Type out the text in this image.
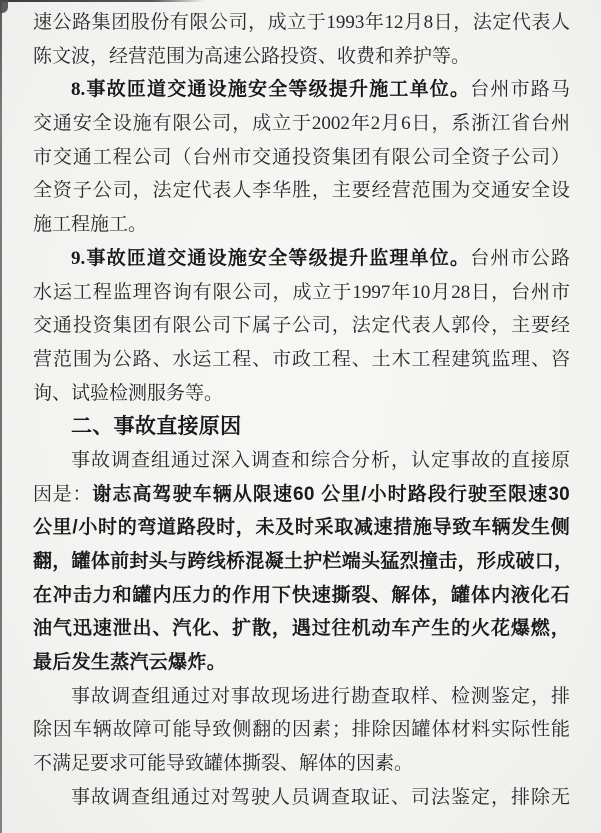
速公路集团股份有限公司，成立于1993年12月8日，法定代表人
陈文波，经营范围为高速公路投资、收费和养护等。
8.事故匝道交通设施安全等级提升施工单位。台州市路马
交通安全设施有限公司，成立于2002年2月6日，系浙江省台州
市交通工程公司（台州市交通投资集团有限公司全资子公司）
全资子公司，法定代表人李华胜，主要经营范围为交通安全设
施工程施工。
9.事故匝道交通设施安全等级提升监理单位。台州市公路
水运工程监理咨询有限公司，成立于1997年10月28日，台州市
交通投资集团有限公司下属子公司，法定代表人郭伶，主要经
营范围为公路、水运工程、市政工程、土木工程建筑监理、咨
询、试验检测服务等。
二、事故直接原因
事故调查组通过深入调查和综合分析，认定事故的直接原
因是：谢志高驾驶车辆从限速60 公里/小时路段行驶至限速30
公里/小时的弯道路段时，未及时采取减速措施导致车辆发生侧
翻，罐体前封头与跨线桥混凝土护栏端头猛烈撞击，形成破口，
在冲击力和罐内压力的作用下快速撕裂、解体，罐体内液化石
油气迅速泄出、汽化、扩散，遇过往机动车产生的火花爆燃，
最后发生蒸汽云爆炸。
事故调查组通过对事故现场进行勘查取样、检测鉴定，排
除因车辆故障可能导致侧翻的因素；排除因罐体材料实际性能
不满足要求可能导致罐体撕裂、解体的因素。
事故调查组通过对驾驶人员调查取证、司法鉴定，排除无
